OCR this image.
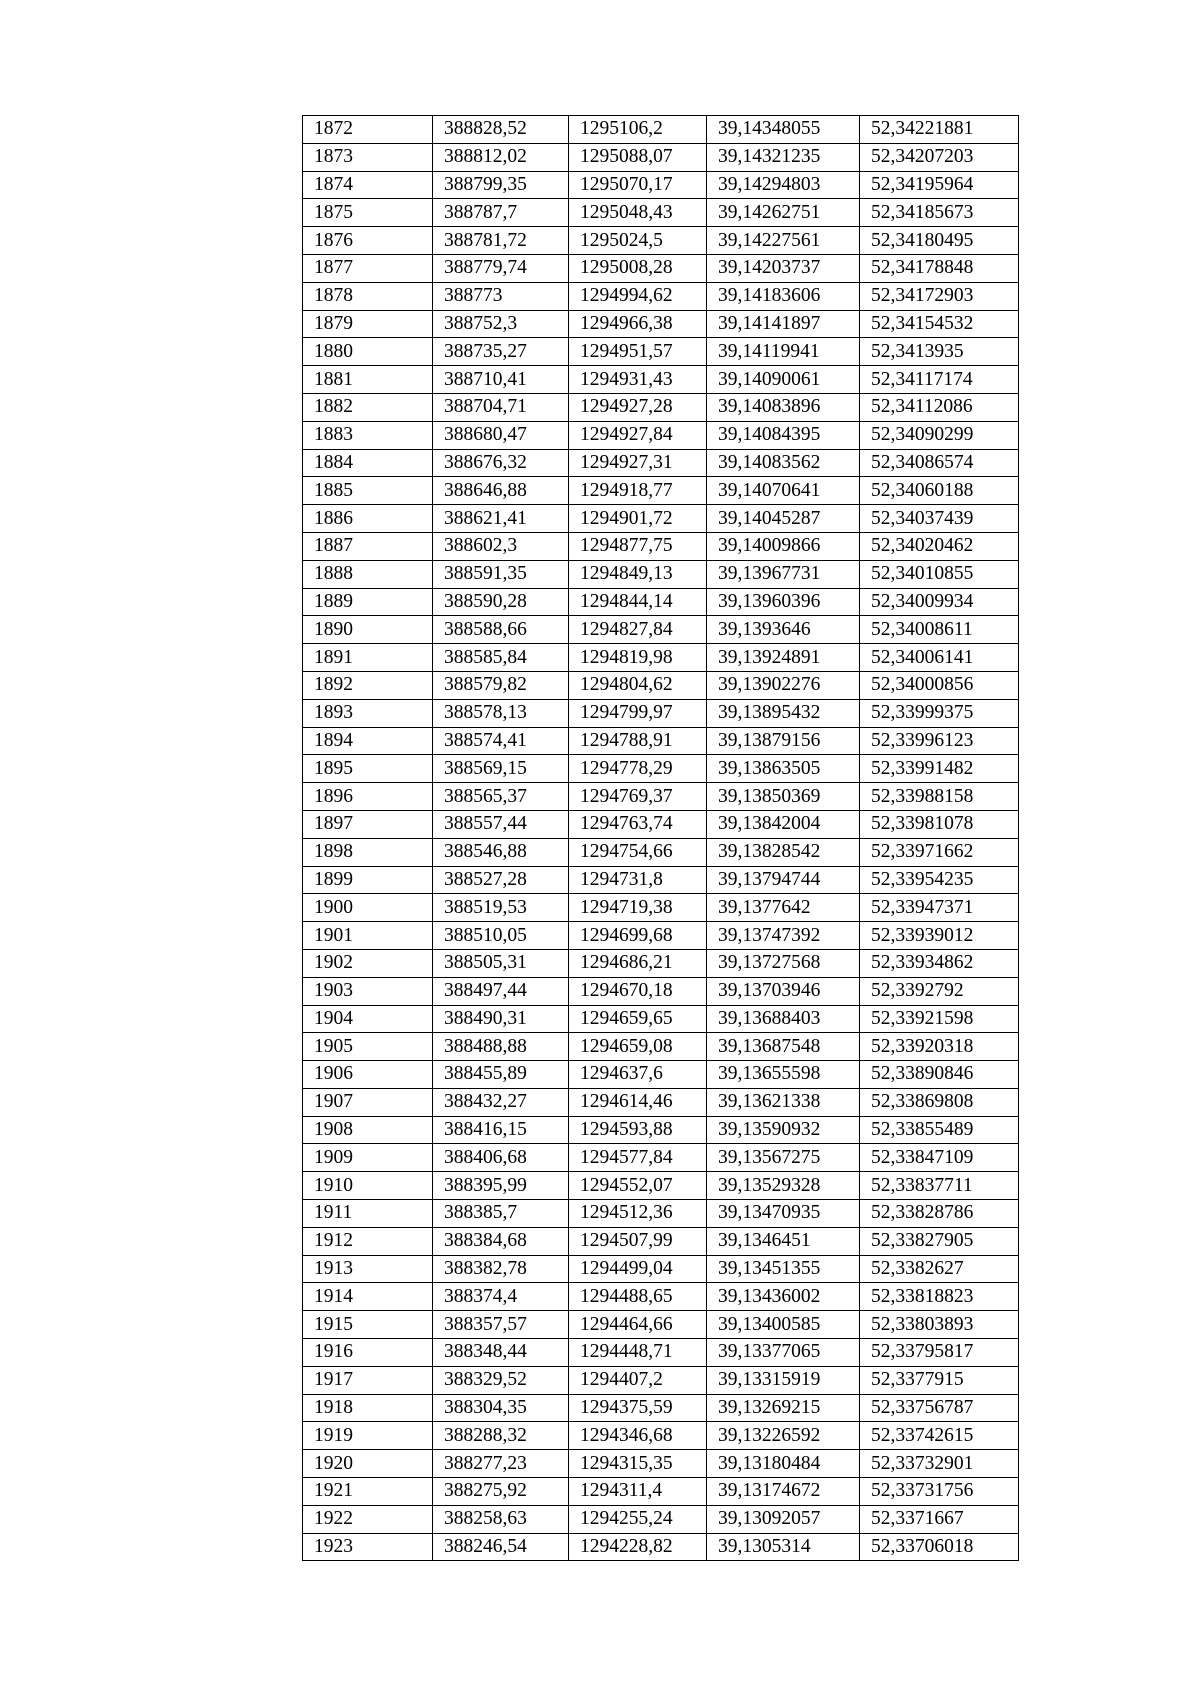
1872	388828,52	1295106,2	39,14348055	52,34221881
1873	388812,02	1295088,07	39,14321235	52,34207203
1874	388799,35	1295070,17	39,14294803	52,34195964
1875	388787,7	1295048,43	39,14262751	52,34185673
1876	388781,72	1295024,5	39,14227561	52,34180495
1877	388779,74	1295008,28	39,14203737	52,34178848
1878	388773	1294994,62	39,14183606	52,34172903
1879	388752,3	1294966,38	39,14141897	52,34154532
1880	388735,27	1294951,57	39,14119941	52,3413935
1881	388710,41	1294931,43	39,14090061	52,34117174
1882	388704,71	1294927,28	39,14083896	52,34112086
1883	388680,47	1294927,84	39,14084395	52,34090299
1884	388676,32	1294927,31	39,14083562	52,34086574
1885	388646,88	1294918,77	39,14070641	52,34060188
1886	388621,41	1294901,72	39,14045287	52,34037439
1887	388602,3	1294877,75	39,14009866	52,34020462
1888	388591,35	1294849,13	39,13967731	52,34010855
1889	388590,28	1294844,14	39,13960396	52,34009934
1890	388588,66	1294827,84	39,1393646	52,34008611
1891	388585,84	1294819,98	39,13924891	52,34006141
1892	388579,82	1294804,62	39,13902276	52,34000856
1893	388578,13	1294799,97	39,13895432	52,33999375
1894	388574,41	1294788,91	39,13879156	52,33996123
1895	388569,15	1294778,29	39,13863505	52,33991482
1896	388565,37	1294769,37	39,13850369	52,33988158
1897	388557,44	1294763,74	39,13842004	52,33981078
1898	388546,88	1294754,66	39,13828542	52,33971662
1899	388527,28	1294731,8	39,13794744	52,33954235
1900	388519,53	1294719,38	39,1377642	52,33947371
1901	388510,05	1294699,68	39,13747392	52,33939012
1902	388505,31	1294686,21	39,13727568	52,33934862
1903	388497,44	1294670,18	39,13703946	52,3392792
1904	388490,31	1294659,65	39,13688403	52,33921598
1905	388488,88	1294659,08	39,13687548	52,33920318
1906	388455,89	1294637,6	39,13655598	52,33890846
1907	388432,27	1294614,46	39,13621338	52,33869808
1908	388416,15	1294593,88	39,13590932	52,33855489
1909	388406,68	1294577,84	39,13567275	52,33847109
1910	388395,99	1294552,07	39,13529328	52,33837711
1911	388385,7	1294512,36	39,13470935	52,33828786
1912	388384,68	1294507,99	39,1346451	52,33827905
1913	388382,78	1294499,04	39,13451355	52,3382627
1914	388374,4	1294488,65	39,13436002	52,33818823
1915	388357,57	1294464,66	39,13400585	52,33803893
1916	388348,44	1294448,71	39,13377065	52,33795817
1917	388329,52	1294407,2	39,13315919	52,3377915
1918	388304,35	1294375,59	39,13269215	52,33756787
1919	388288,32	1294346,68	39,13226592	52,33742615
1920	388277,23	1294315,35	39,13180484	52,33732901
1921	388275,92	1294311,4	39,13174672	52,33731756
1922	388258,63	1294255,24	39,13092057	52,3371667
1923	388246,54	1294228,82	39,1305314	52,33706018
